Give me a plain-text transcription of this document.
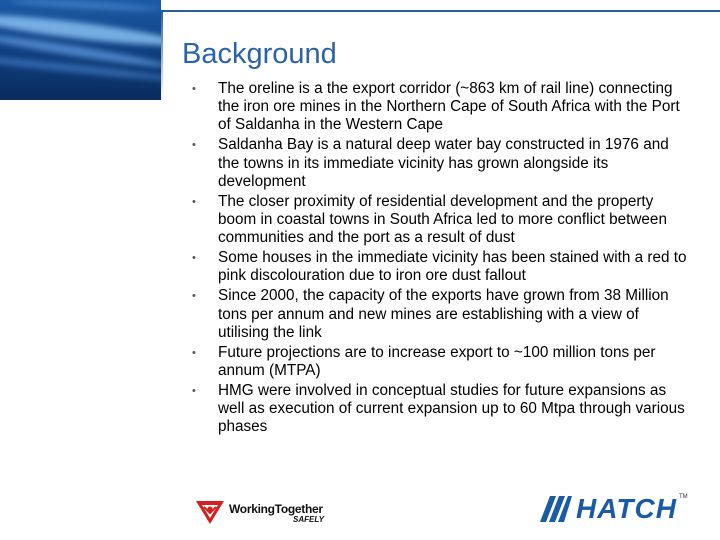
Background
• The oreline is a the export corridor (~863 km of rail line) connecting the iron ore mines in the Northern Cape of South Africa with the Port of Saldanha in the Western Cape
• Saldanha Bay is a natural deep water bay constructed in 1976 and the towns in its immediate vicinity has grown alongside its development
• The closer proximity of residential development and the property boom in coastal towns in South Africa led to more conflict between communities and the port as a result of dust
• Some houses in the immediate vicinity has been stained with a red to pink discolouration due to iron ore dust fallout
• Since 2000, the capacity of the exports have grown from 38 Million tons per annum and new mines are establishing with a view of utilising the link
• Future projections are to increase export to ~100 million tons per annum (MTPA)
• HMG were involved in conceptual studies for future expansions as well as execution of current expansion up to 60 Mtpa through various phases
WorkingTogether
SAFELY	HATCH TM
